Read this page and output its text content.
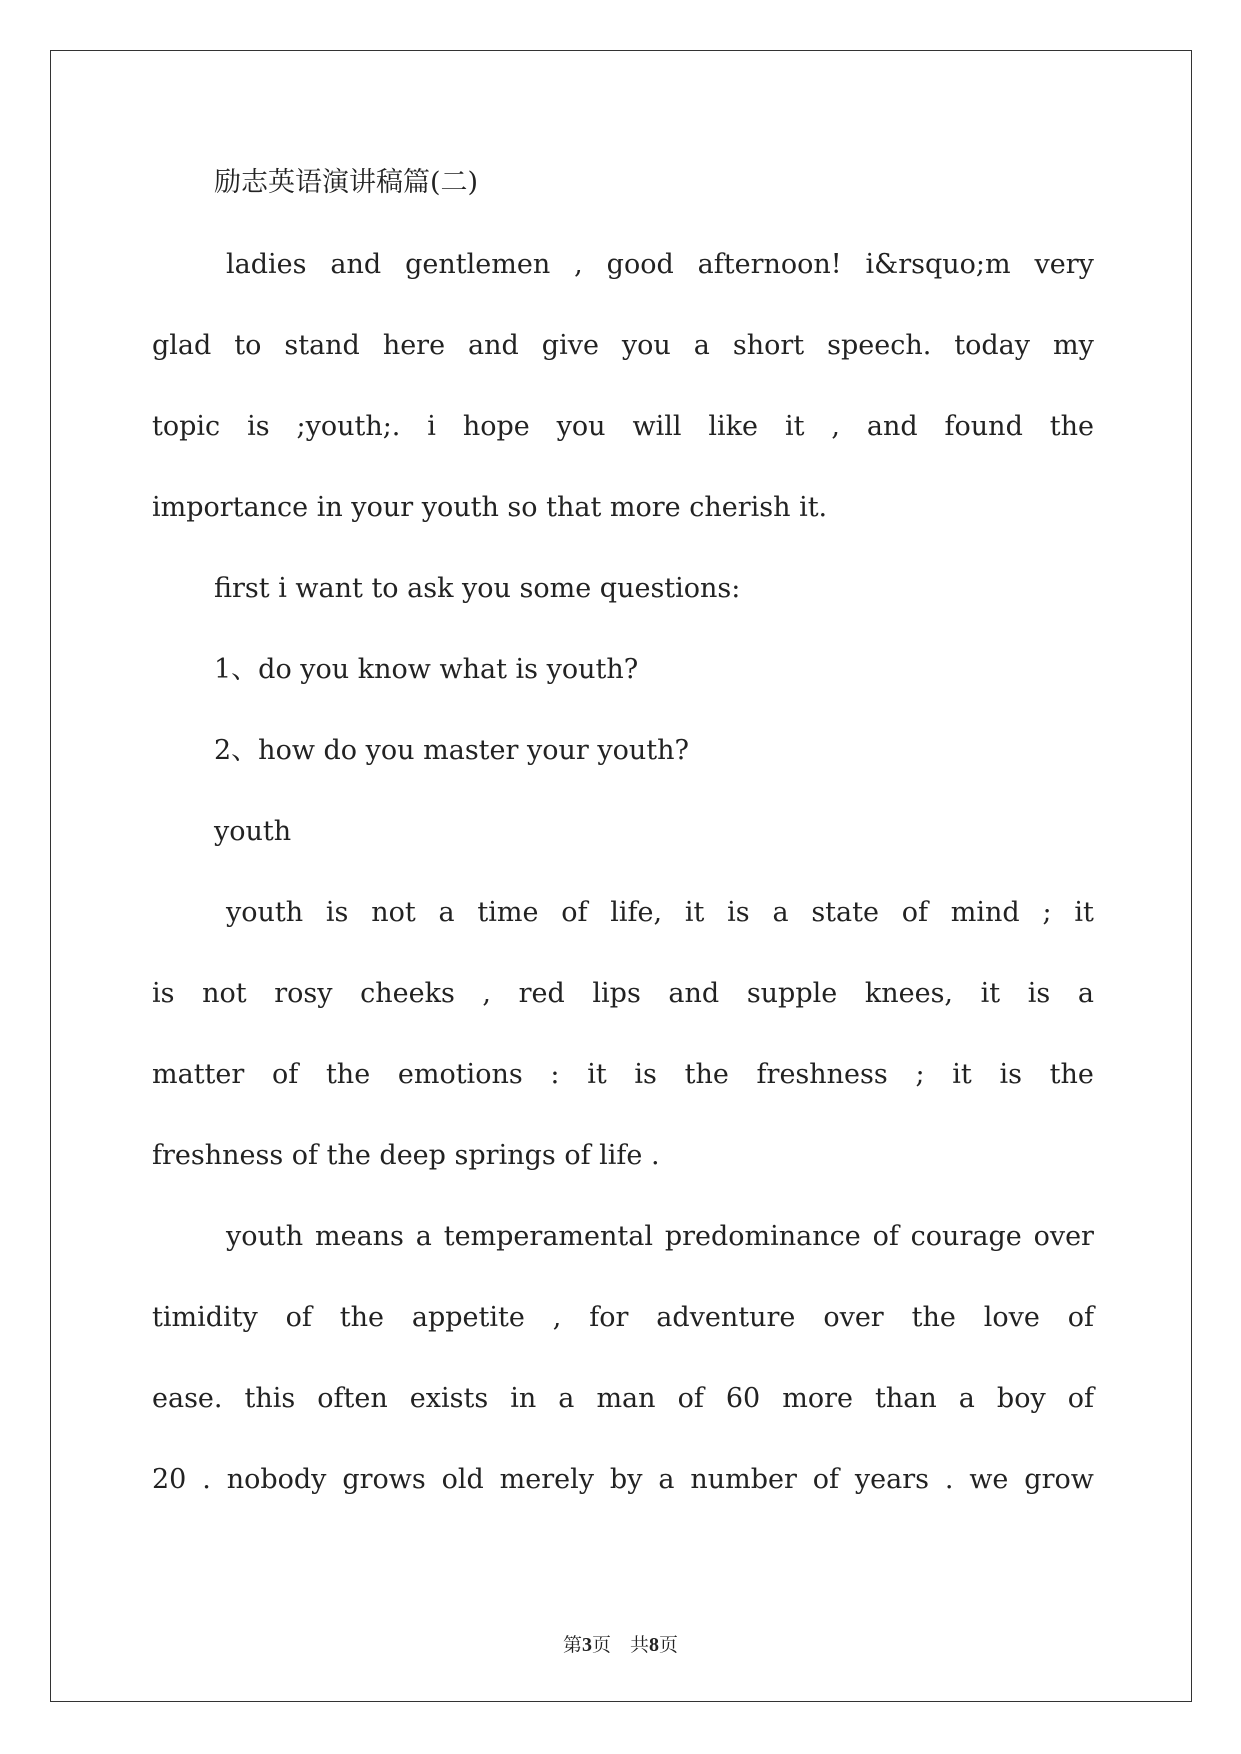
励志英语演讲稿篇(二)
ladies and gentlemen , good afternoon! i&rsquo;m very
glad to stand here and give you a short speech. today my
topic is ;youth;. i hope you will like it , and found the
importance in your youth so that more cherish it.
first i want to ask you some questions:
1、do you know what is youth?
2、how do you master your youth?
youth
youth is not a time of life, it is a state of mind ; it
is not rosy cheeks , red lips and supple knees, it is a
matter of the emotions : it is the freshness ; it is the
freshness of the deep springs of life .
youth means a temperamental predominance of courage over
timidity of the appetite , for adventure over the love of
ease. this often exists in a man of 60 more than a boy of
20 . nobody grows old merely by a number of years . we grow
第3页　共8页
